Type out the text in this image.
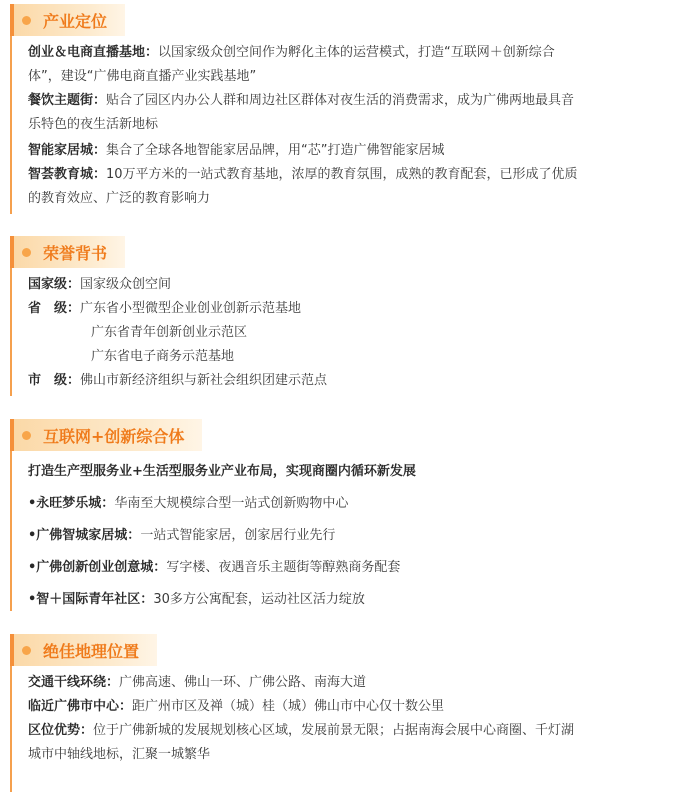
产业定位
创业＆电商直播基地：以国家级众创空间作为孵化主体的运营模式，打造“互联网＋创新综合
体”，建设“广佛电商直播产业实践基地”
餐饮主题街：贴合了园区内办公人群和周边社区群体对夜生活的消费需求，成为广佛两地最具音
乐特色的夜生活新地标
智能家居城：集合了全球各地智能家居品牌，用“芯”打造广佛智能家居城
智荟教育城：10万平方米的一站式教育基地，浓厚的教育氛围，成熟的教育配套，已形成了优质
的教育效应、广泛的教育影响力
荣誉背书
国家级：国家级众创空间
省　级：广东省小型微型企业创业创新示范基地
广东省青年创新创业示范区
广东省电子商务示范基地
市　级：佛山市新经济组织与新社会组织团建示范点
互联网+创新综合体
打造生产型服务业+生活型服务业产业布局，实现商圈内循环新发展
•永旺梦乐城：华南至大规模综合型一站式创新购物中心
•广佛智城家居城：一站式智能家居，创家居行业先行
•广佛创新创业创意城：写字楼、夜遇音乐主题街等醇熟商务配套
•智＋国际青年社区：30多方公寓配套，运动社区活力绽放
绝佳地理位置
交通干线环绕：广佛高速、佛山一环、广佛公路、南海大道
临近广佛市中心：距广州市区及禅（城）桂（城）佛山市中心仅十数公里
区位优势：位于广佛新城的发展规划核心区域，发展前景无限；占据南海会展中心商圈、千灯湖
城市中轴线地标，汇聚一城繁华
